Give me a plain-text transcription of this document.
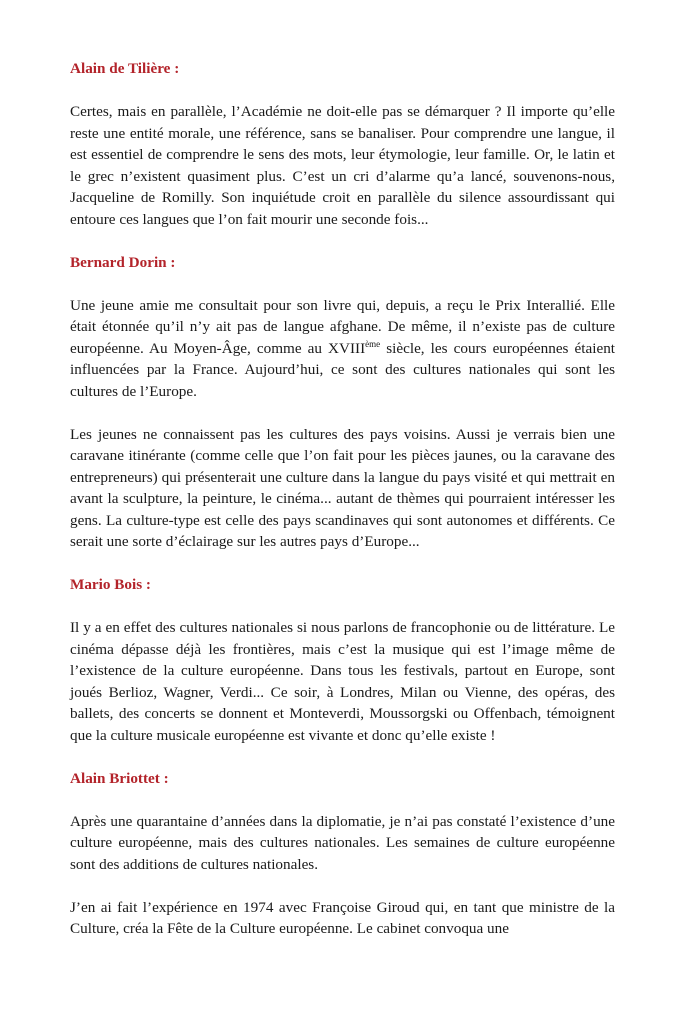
Alain de Tilière :

Certes, mais en parallèle, l’Académie ne doit-elle pas se démarquer ? Il importe qu’elle reste une entité morale, une référence, sans se banaliser. Pour comprendre une langue, il est essentiel de comprendre le sens des mots, leur étymologie, leur famille. Or, le latin et le grec n’existent quasiment plus. C’est un cri d’alarme qu’a lancé, souvenons-nous, Jacqueline de Romilly. Son inquiétude croit en parallèle du silence assourdissant qui entoure ces langues que l’on fait mourir une seconde fois...

Bernard Dorin :

Une jeune amie me consultait pour son livre qui, depuis, a reçu le Prix Interallié. Elle était étonnée qu’il n’y ait pas de langue afghane. De même, il n’existe pas de culture européenne. Au Moyen-Âge, comme au XVIIIème siècle, les cours européennes étaient influencées par la France. Aujourd’hui, ce sont des cultures nationales qui sont les cultures de l’Europe.

Les jeunes ne connaissent pas les cultures des pays voisins. Aussi je verrais bien une caravane itinérante (comme celle que l’on fait pour les pièces jaunes, ou la caravane des entrepreneurs) qui présenterait une culture dans la langue du pays visité et qui mettrait en avant la sculpture, la peinture, le cinéma... autant de thèmes qui pourraient intéresser les gens. La culture-type est celle des pays scandinaves qui sont autonomes et différents. Ce serait une sorte d’éclairage sur les autres pays d’Europe...

Mario Bois :

Il y a en effet des cultures nationales si nous parlons de francophonie ou de littérature. Le cinéma dépasse déjà les frontières, mais c’est la musique qui est l’image même de l’existence de la culture européenne. Dans tous les festivals, partout en Europe, sont joués Berlioz, Wagner, Verdi... Ce soir, à Londres, Milan ou Vienne, des opéras, des ballets, des concerts se donnent et Monteverdi, Moussorgski ou Offenbach, témoignent que la culture musicale européenne est vivante et donc qu’elle existe !

Alain Briottet :

Après une quarantaine d’années dans la diplomatie, je n’ai pas constaté l’existence d’une culture européenne, mais des cultures nationales. Les semaines de culture européenne sont des additions de cultures nationales.

J’en ai fait l’expérience en 1974 avec Françoise Giroud qui, en tant que ministre de la Culture, créa la Fête de la Culture européenne. Le cabinet convoqua une
